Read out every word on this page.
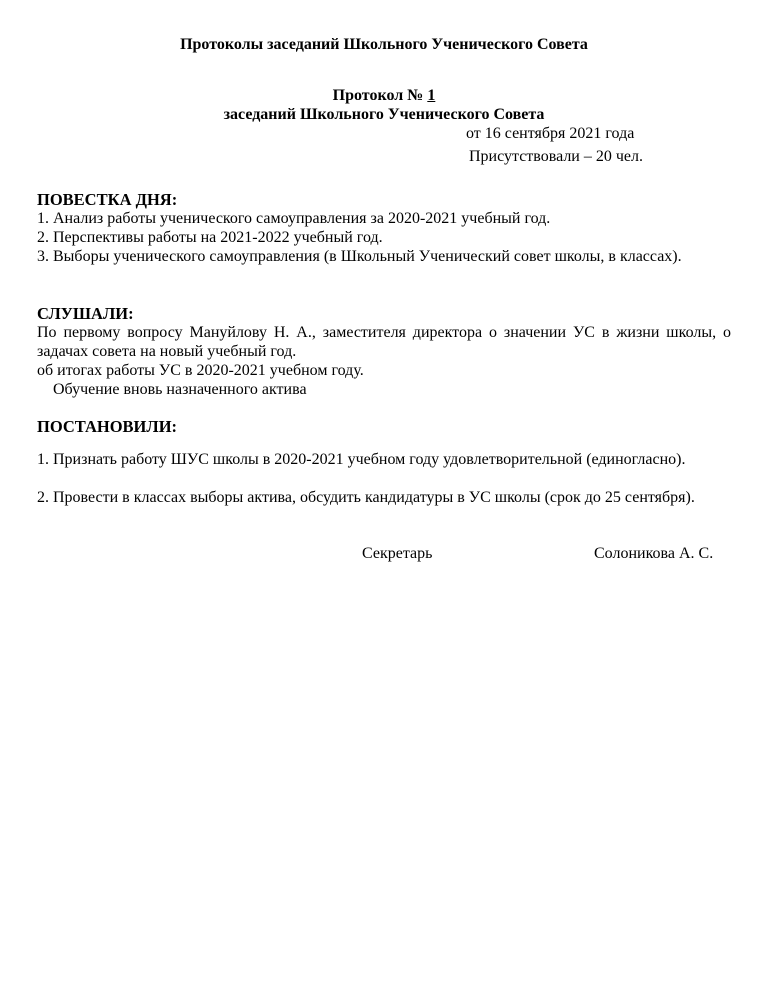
Протоколы заседаний Школьного Ученического Совета
Протокол № 1
заседаний Школьного Ученического Совета
от 16 сентября 2021 года
Присутствовали – 20 чел.
ПОВЕСТКА ДНЯ:
1. Анализ работы ученического самоуправления за 2020-2021 учебный год.
2. Перспективы работы на 2021-2022 учебный год.
3. Выборы ученического самоуправления (в Школьный Ученический совет школы, в классах).
СЛУШАЛИ:
По первому вопросу Мануйлову Н. А., заместителя директора о значении УС в жизни школы, о задачах совета на новый учебный год.
об итогах работы УС в 2020-2021 учебном году.
Обучение вновь назначенного актива
ПОСТАНОВИЛИ:
1. Признать работу ШУС школы в 2020-2021 учебном году удовлетворительной (единогласно).
2. Провести в классах выборы актива, обсудить кандидатуры в УС школы (срок до 25 сентября).
Секретарь	Солоникова А. С.
